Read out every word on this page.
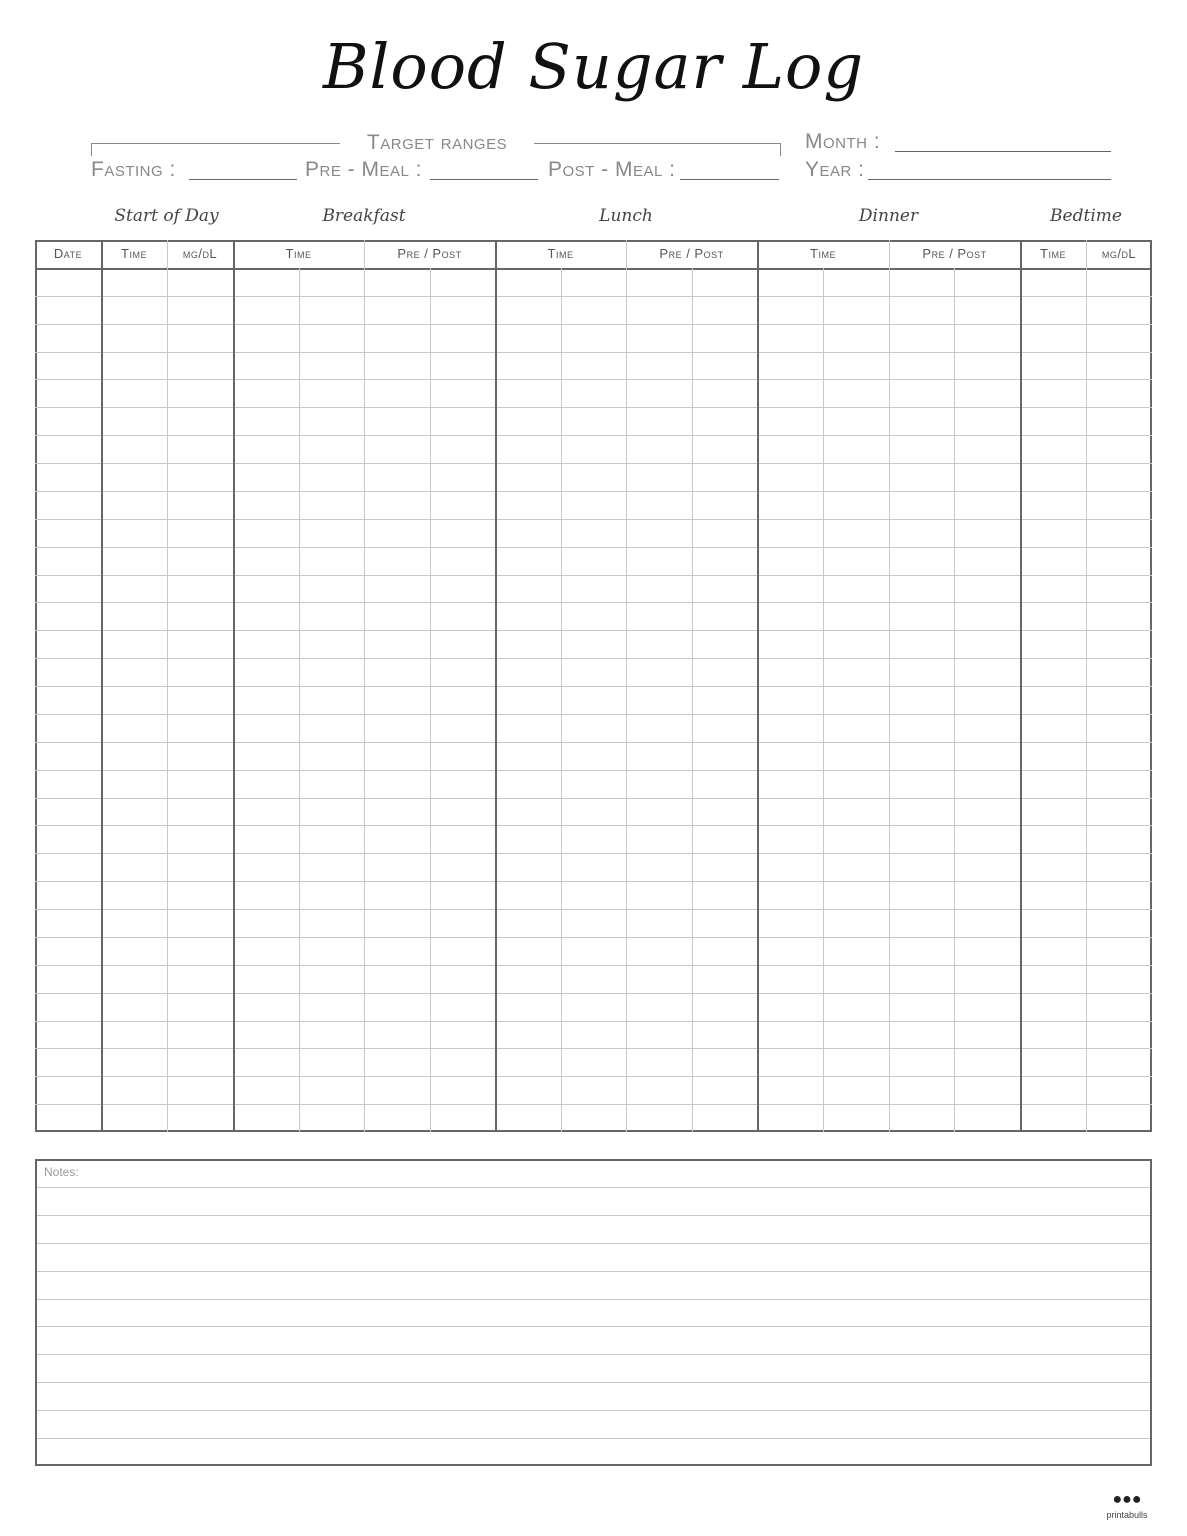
Blood Sugar Log
Target ranges
Fasting :	Pre - Meal :	Post - Meal :
Month :
Year :
Start of Day	Breakfast	Lunch	Dinner	Bedtime
Date	Time	mg/dL	Time	Pre / Post	Time	Pre / Post	Time	Pre / Post	Time	mg/dL
Notes:
●●●
printabulls
